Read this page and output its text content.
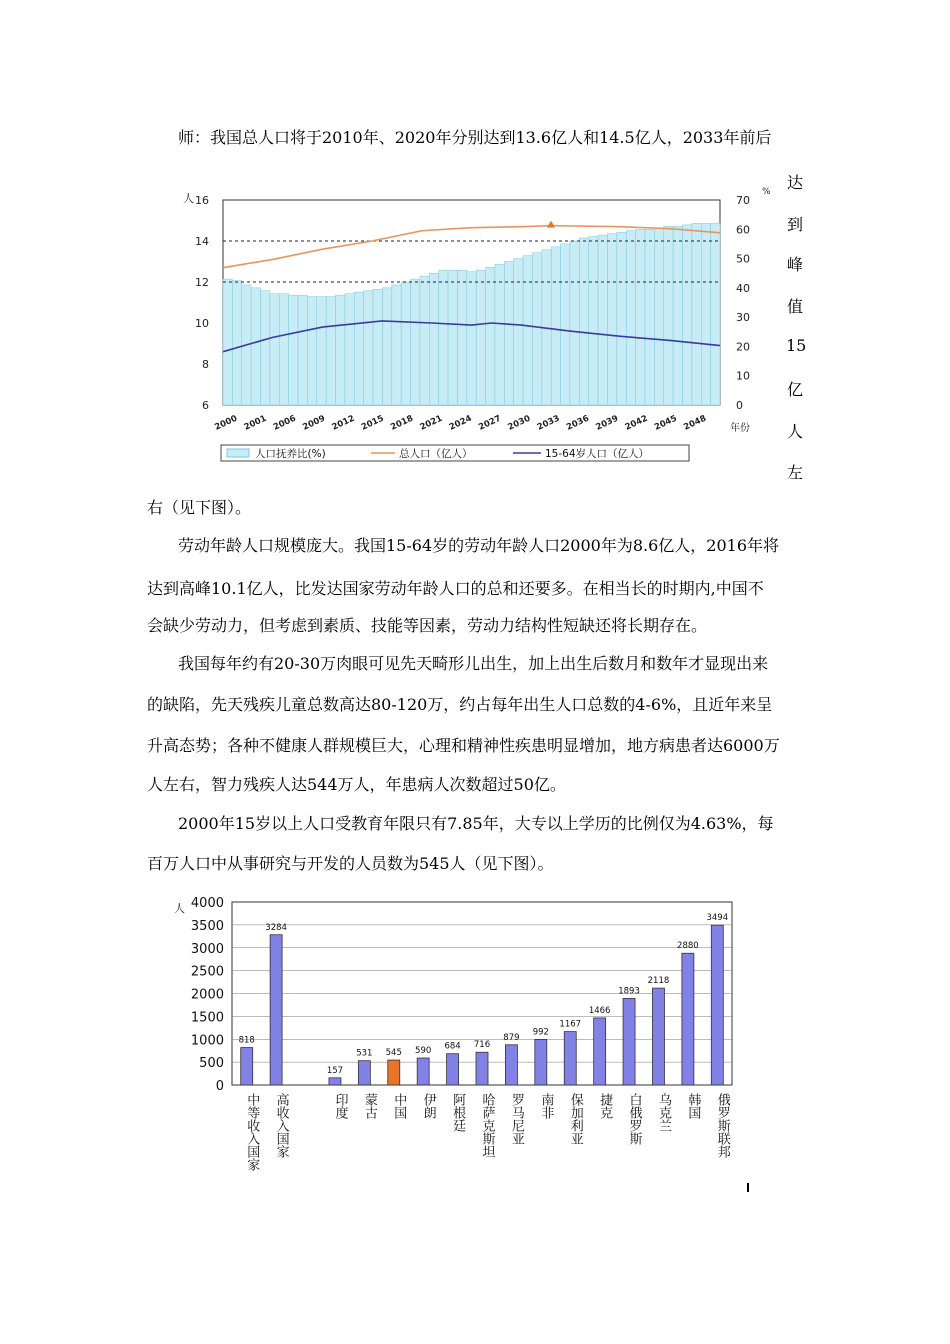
师：我国总人口将于2010年、2020年分别达到13.6亿人和14.5亿人，2033年前后
达
到
峰
值
15
亿
人
左
右（见下图）。
6
8
10
12
14
16
人
0
10
20
30
40
50
60
70
%
2000 2001 2006 2009 2012 2015 2018 2021 2024 2027 2030 2033 2036 2039 2042 2045 2048 年份
人口抚养比(%)	总人口（亿人）	15-64岁人口（亿人）
劳动年龄人口规模庞大。我国15-64岁的劳动年龄人口2000年为8.6亿人，2016年将
达到高峰10.1亿人，比发达国家劳动年龄人口的总和还要多。在相当长的时期内,中国不
会缺少劳动力，但考虑到素质、技能等因素，劳动力结构性短缺还将长期存在。
我国每年约有20-30万肉眼可见先天畸形儿出生，加上出生后数月和数年才显现出来
的缺陷，先天残疾儿童总数高达80-120万，约占每年出生人口总数的4-6%，且近年来呈
升高态势；各种不健康人群规模巨大，心理和精神性疾患明显增加，地方病患者达6000万
人左右，智力残疾人达544万人，年患病人次数超过50亿。
2000年15岁以上人口受教育年限只有7.85年，大专以上学历的比例仅为4.63%，每
百万人口中从事研究与开发的人员数为545人（见下图）。
0
500
1000
1500
2000
2500
3000
3500
4000
人
818
中等收入国家
3284
高收入国家
157
印度
531
蒙古
545
中国
590
伊朗
684
阿根廷
716
哈萨克斯坦
879
罗马尼亚
992
南非
1167
保加利亚
1466
捷克
1893
白俄罗斯
2118
乌克兰
2880
韩国
3494
俄罗斯联邦
